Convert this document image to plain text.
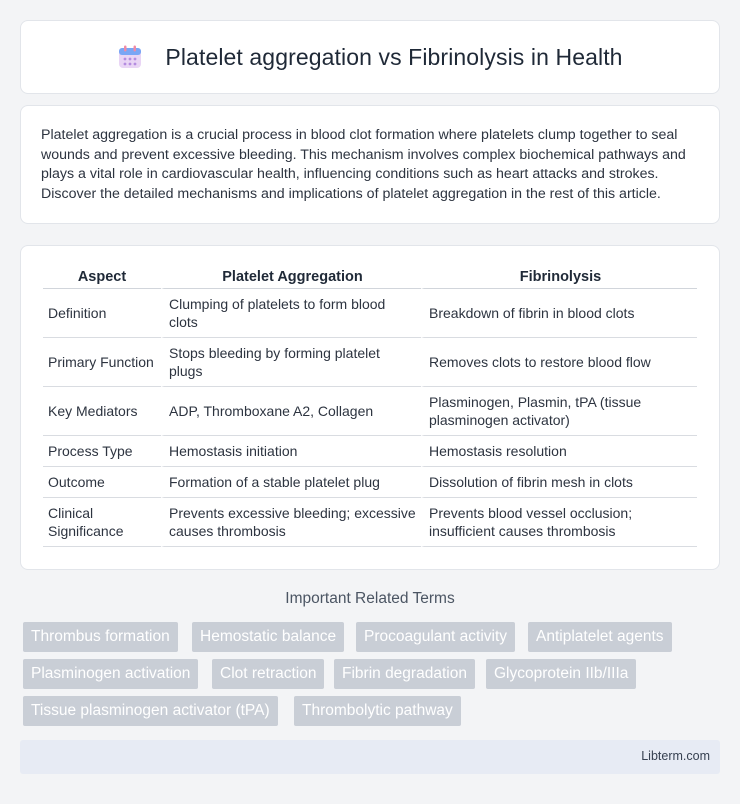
Platelet aggregation vs Fibrinolysis in Health

Platelet aggregation is a crucial process in blood clot formation where platelets clump together to seal wounds and prevent excessive bleeding. This mechanism involves complex biochemical pathways and plays a vital role in cardiovascular health, influencing conditions such as heart attacks and strokes. Discover the detailed mechanisms and implications of platelet aggregation in the rest of this article.

Aspect	Platelet Aggregation	Fibrinolysis
Definition	Clumping of platelets to form blood clots	Breakdown of fibrin in blood clots
Primary Function	Stops bleeding by forming platelet plugs	Removes clots to restore blood flow
Key Mediators	ADP, Thromboxane A2, Collagen	Plasminogen, Plasmin, tPA (tissue plasminogen activator)
Process Type	Hemostasis initiation	Hemostasis resolution
Outcome	Formation of a stable platelet plug	Dissolution of fibrin mesh in clots
Clinical Significance	Prevents excessive bleeding; excessive causes thrombosis	Prevents blood vessel occlusion; insufficient causes thrombosis
Important Related Terms
Thrombus formation	Hemostatic balance	Procoagulant activity	Antiplatelet agents
Plasminogen activation	Clot retraction	Fibrin degradation	Glycoprotein IIb/IIIa
Tissue plasminogen activator (tPA)	Thrombolytic pathway
Libterm.com
